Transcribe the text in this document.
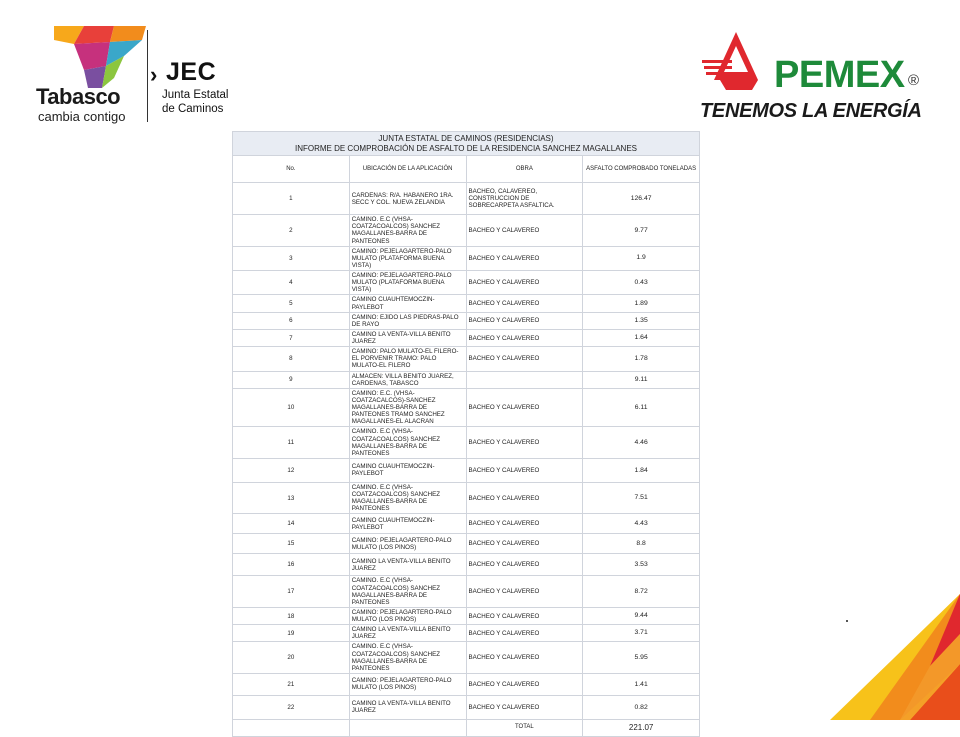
Tabasco
cambia contigo
› JEC
Junta Estatal
de Caminos
PEMEX ®
TENEMOS LA ENERGÍA
JUNTA ESTATAL DE CAMINOS (RESIDENCIAS)
INFORME DE COMPROBACIÓN DE ASFALTO DE LA RESIDENCIA SANCHEZ MAGALLANES			

No.	UBICACIÓN DE LA APLICACIÓN	OBRA	ASFALTO COMPROBADO TONELADAS
1	CARDENAS: R/A. HABANERO 1RA. SECC Y COL. NUEVA ZELANDIA	BACHEO, CALAVEREO, CONSTRUCCION DE SOBRECARPETA ASFALTICA.	126.47
2	CAMINO. E.C (VHSA-COATZACOALCOS) SANCHEZ MAGALLANES-BARRA DE PANTEONES	BACHEO Y CALAVEREO	9.77
3	CAMINO: PEJELAGARTERO-PALO MULATO (PLATAFORMA BUENA VISTA)	BACHEO Y CALAVEREO	1.9
4	CAMINO: PEJELAGARTERO-PALO MULATO (PLATAFORMA BUENA VISTA)	BACHEO Y CALAVEREO	0.43
5	CAMINO CUAUHTEMOCZIN-PAYLEBOT	BACHEO Y CALAVEREO	1.89
6	CAMINO: EJIDO LAS PIEDRAS-PALO DE RAYO	BACHEO Y CALAVEREO	1.35
7	CAMINO LA VENTA-VILLA BENITO JUAREZ	BACHEO Y CALAVEREO	1.64
8	CAMINO: PALO MULATO-EL FILERO-EL PORVENIR TRAMO: PALO MULATO-EL FILERO	BACHEO Y CALAVEREO	1.78
9	ALMACEN: VILLA BENITO JUAREZ, CARDENAS, TABASCO		9.11
10	CAMINO: E.C. (VHSA-COATZACALCOS)-SANCHEZ MAGALLANES-BARRA DE PANTEONES TRAMO SANCHEZ MAGALLANES-EL ALACRAN	BACHEO Y CALAVEREO	6.11
11	CAMINO. E.C (VHSA-COATZACOALCOS) SANCHEZ MAGALLANES-BARRA DE PANTEONES	BACHEO Y CALAVEREO	4.46
12	CAMINO CUAUHTEMOCZIN-PAYLEBOT	BACHEO Y CALAVEREO	1.84
13	CAMINO. E.C (VHSA-COATZACOALCOS) SANCHEZ MAGALLANES-BARRA DE PANTEONES	BACHEO Y CALAVEREO	7.51
14	CAMINO CUAUHTEMOCZIN-PAYLEBOT	BACHEO Y CALAVEREO	4.43
15	CAMINO: PEJELAGARTERO-PALO MULATO (LOS PINOS)	BACHEO Y CALAVEREO	8.8
16	CAMINO LA VENTA-VILLA BENITO JUAREZ	BACHEO Y CALAVEREO	3.53
17	CAMINO. E.C (VHSA-COATZACOALCOS) SANCHEZ MAGALLANES-BARRA DE PANTEONES	BACHEO Y CALAVEREO	8.72
18	CAMINO: PEJELAGARTERO-PALO MULATO (LOS PINOS)	BACHEO Y CALAVEREO	9.44
19	CAMINO LA VENTA-VILLA BENITO JUAREZ	BACHEO Y CALAVEREO	3.71
20	CAMINO. E.C (VHSA-COATZACOALCOS) SANCHEZ MAGALLANES-BARRA DE PANTEONES	BACHEO Y CALAVEREO	5.95
21	CAMINO: PEJELAGARTERO-PALO MULATO (LOS PINOS)	BACHEO Y CALAVEREO	1.41
22	CAMINO LA VENTA-VILLA BENITO JUAREZ	BACHEO Y CALAVEREO	0.82
		TOTAL	221.07
